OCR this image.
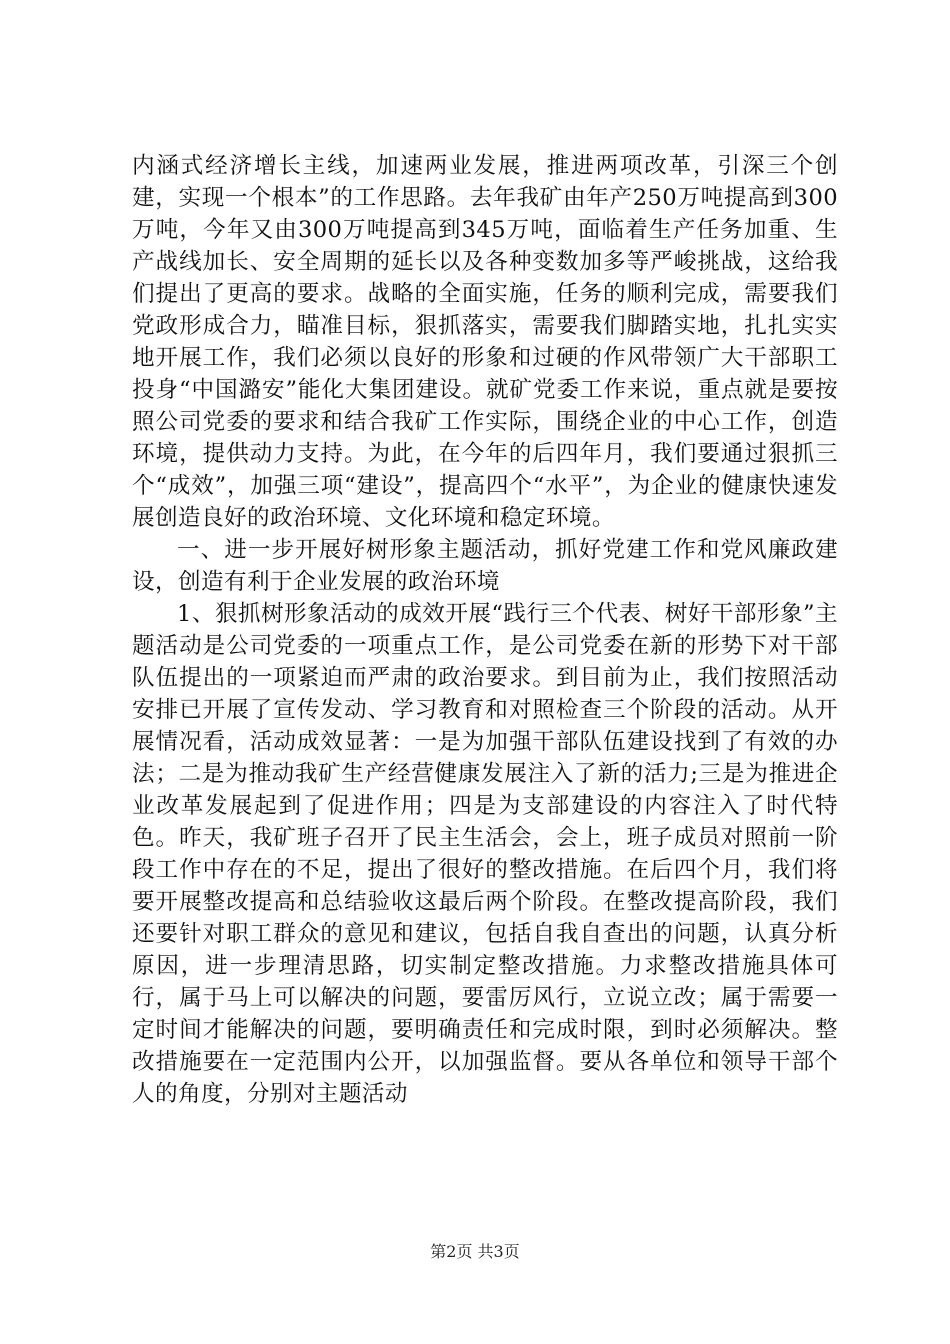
内涵式经济增长主线，加速两业发展，推进两项改革，引深三个创建，实现一个根本”的工作思路。去年我矿由年产250万吨提高到300万吨，今年又由300万吨提高到345万吨，面临着生产任务加重、生产战线加长、安全周期的延长以及各种变数加多等严峻挑战，这给我们提出了更高的要求。战略的全面实施，任务的顺利完成，需要我们党政形成合力，瞄准目标，狠抓落实，需要我们脚踏实地，扎扎实实地开展工作，我们必须以良好的形象和过硬的作风带领广大干部职工投身“中国潞安”能化大集团建设。就矿党委工作来说，重点就是要按照公司党委的要求和结合我矿工作实际，围绕企业的中心工作，创造环境，提供动力支持。为此，在今年的后四年月，我们要通过狠抓三个“成效”，加强三项“建设”，提高四个“水平”，为企业的健康快速发展创造良好的政治环境、文化环境和稳定环境。

一、进一步开展好树形象主题活动，抓好党建工作和党风廉政建设，创造有利于企业发展的政治环境

1、狠抓树形象活动的成效开展“践行三个代表、树好干部形象”主题活动是公司党委的一项重点工作，是公司党委在新的形势下对干部队伍提出的一项紧迫而严肃的政治要求。到目前为止，我们按照活动安排已开展了宣传发动、学习教育和对照检查三个阶段的活动。从开展情况看，活动成效显著：一是为加强干部队伍建设找到了有效的办法；二是为推动我矿生产经营健康发展注入了新的活力;三是为推进企业改革发展起到了促进作用；四是为支部建设的内容注入了时代特色。昨天，我矿班子召开了民主生活会，会上，班子成员对照前一阶段工作中存在的不足，提出了很好的整改措施。在后四个月，我们将要开展整改提高和总结验收这最后两个阶段。在整改提高阶段，我们还要针对职工群众的意见和建议，包括自我自查出的问题，认真分析原因，进一步理清思路，切实制定整改措施。力求整改措施具体可行，属于马上可以解决的问题，要雷厉风行，立说立改；属于需要一定时间才能解决的问题，要明确责任和完成时限，到时必须解决。整改措施要在一定范围内公开，以加强监督。要从各单位和领导干部个人的角度，分别对主题活动

第2页 共3页
